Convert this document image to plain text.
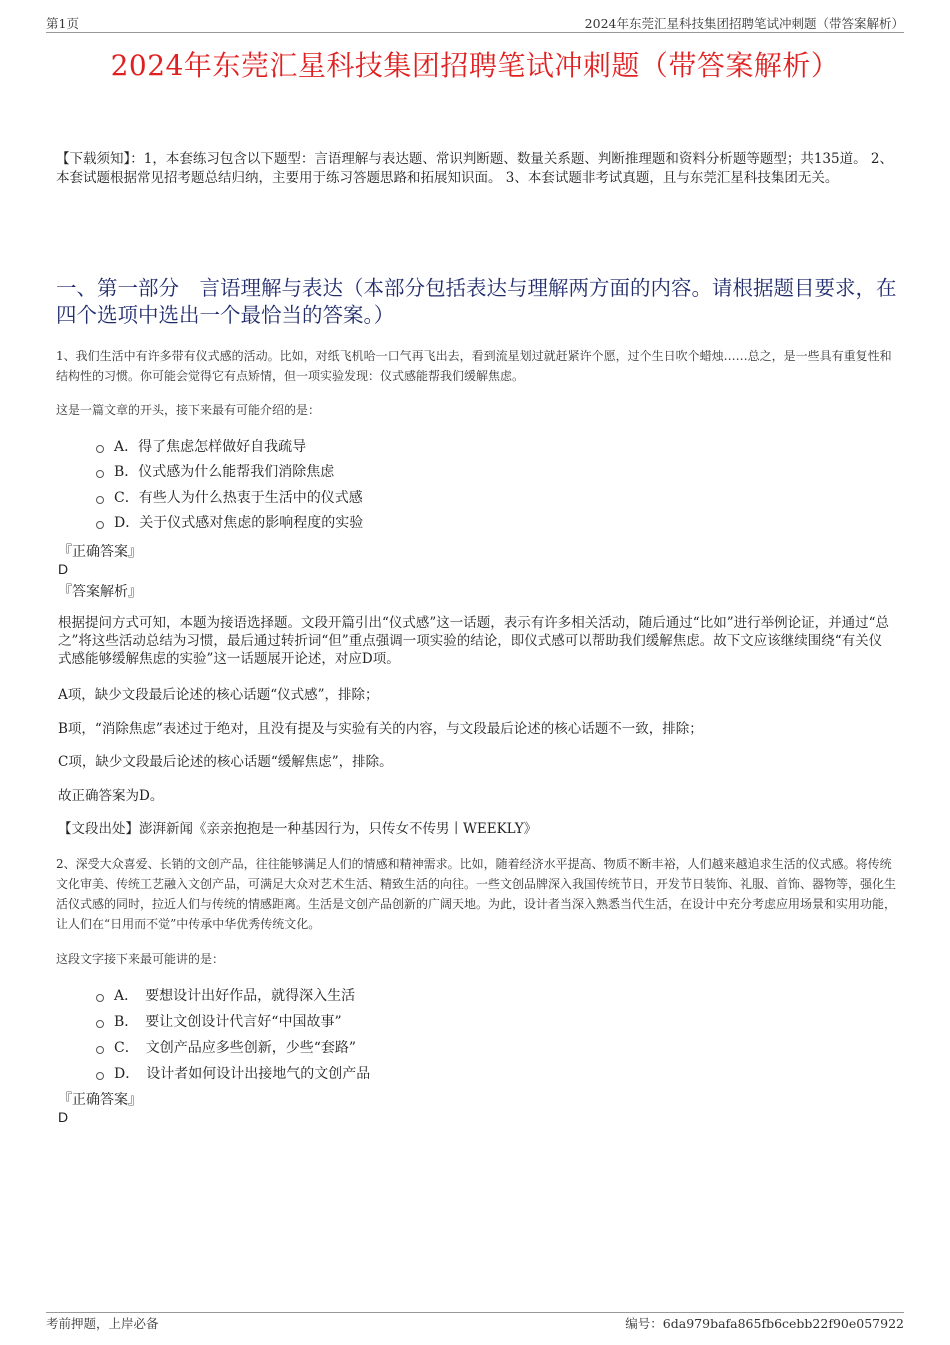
第1页	2024年东莞汇星科技集团招聘笔试冲刺题（带答案解析）
2024年东莞汇星科技集团招聘笔试冲刺题（带答案解析）
【下载须知】：1，本套练习包含以下题型：言语理解与表达题、常识判断题、数量关系题、判断推理题和资料分析题等题型；共135道。 2、本套试题根据常见招考题总结归纳，主要用于练习答题思路和拓展知识面。 3、本套试题非考试真题，且与东莞汇星科技集团无关。
一、第一部分　言语理解与表达（本部分包括表达与理解两方面的内容。请根据题目要求，在四个选项中选出一个最恰当的答案。）
1、我们生活中有许多带有仪式感的活动。比如，对纸飞机哈一口气再飞出去，看到流星划过就赶紧许个愿，过个生日吹个蜡烛……总之，是一些具有重复性和结构性的习惯。你可能会觉得它有点矫情，但一项实验发现：仪式感能帮我们缓解焦虑。
这是一篇文章的开头，接下来最有可能介绍的是：
A．得了焦虑怎样做好自我疏导
B．仪式感为什么能帮我们消除焦虑
C．有些人为什么热衷于生活中的仪式感
D．关于仪式感对焦虑的影响程度的实验
『正确答案』
D
『答案解析』
根据提问方式可知，本题为接语选择题。文段开篇引出“仪式感”这一话题，表示有许多相关活动，随后通过“比如”进行举例论证，并通过“总之”将这些活动总结为习惯，最后通过转折词“但”重点强调一项实验的结论，即仪式感可以帮助我们缓解焦虑。故下文应该继续围绕“有关仪式感能够缓解焦虑的实验”这一话题展开论述，对应D项。
A项，缺少文段最后论述的核心话题“仪式感”，排除；
B项，“消除焦虑”表述过于绝对，且没有提及与实验有关的内容，与文段最后论述的核心话题不一致，排除；
C项，缺少文段最后论述的核心话题“缓解焦虑”，排除。
故正确答案为D。
【文段出处】澎湃新闻《亲亲抱抱是一种基因行为，只传女不传男丨WEEKLY》
2、深受大众喜爱、长销的文创产品，往往能够满足人们的情感和精神需求。比如，随着经济水平提高、物质不断丰裕，人们越来越追求生活的仪式感。将传统文化审美、传统工艺融入文创产品，可满足大众对艺术生活、精致生活的向往。一些文创品牌深入我国传统节日，开发节日装饰、礼服、首饰、器物等，强化生活仪式感的同时，拉近人们与传统的情感距离。生活是文创产品创新的广阔天地。为此，设计者当深入熟悉当代生活，在设计中充分考虑应用场景和实用功能，让人们在“日用而不觉”中传承中华优秀传统文化。
这段文字接下来最可能讲的是：
A．　要想设计出好作品，就得深入生活
B．　要让文创设计代言好“中国故事”
C．　文创产品应多些创新，少些“套路”
D．　设计者如何设计出接地气的文创产品
『正确答案』
D
考前押题，上岸必备	编号：6da979bafa865fb6cebb22f90e057922
